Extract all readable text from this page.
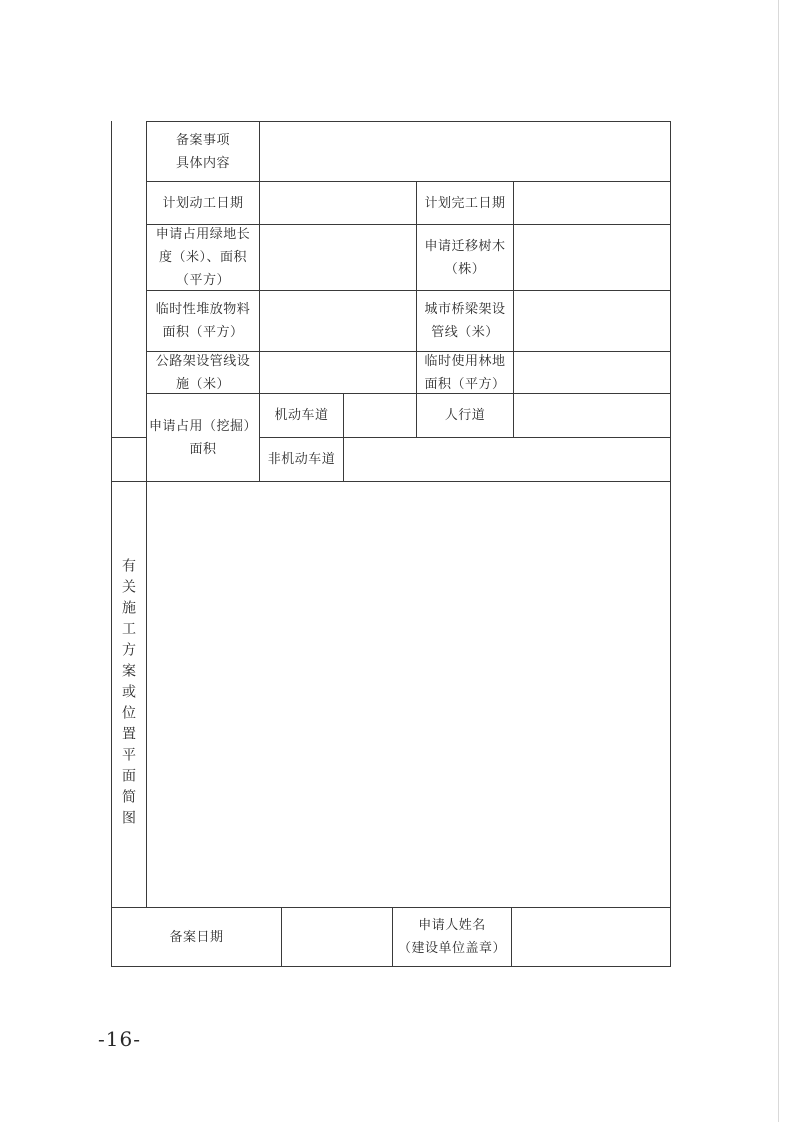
备案事项
具体内容
计划动工日期	计划完工日期
申请占用绿地长
度（米）、面积
（平方）
申请迁移树木
（株）
临时性堆放物料
面积（平方）
城市桥梁架设
管线（米）
公路架设管线设
施（米）
临时使用林地
面积（平方）
申请占用（挖掘）
面积
机动车道	人行道
非机动车道
有关施工方案或位置平面简图
备案日期
申请人姓名
（建设单位盖章）
-16-
